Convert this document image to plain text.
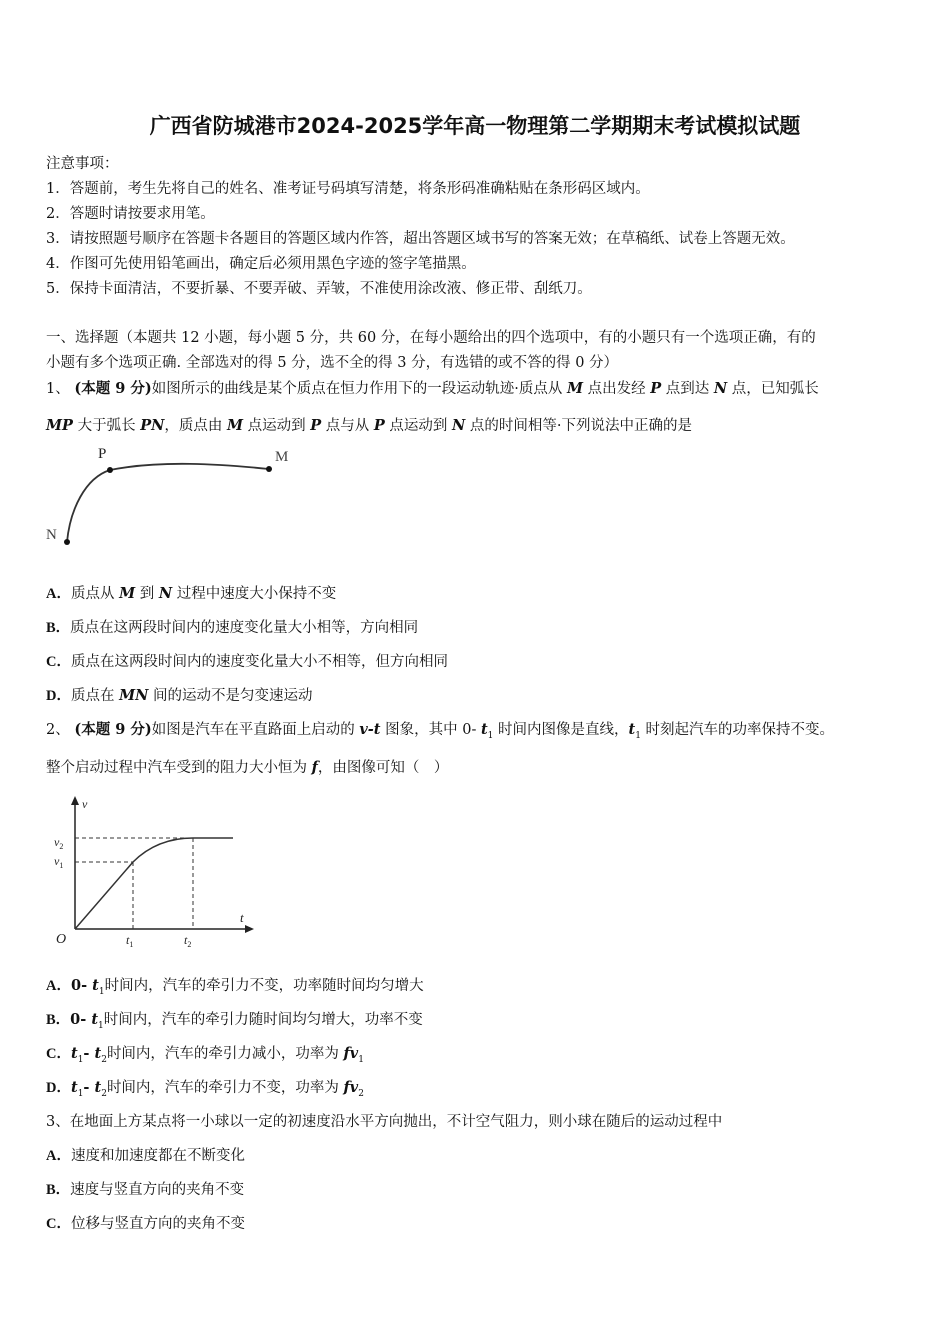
广西省防城港市2024-2025学年高一物理第二学期期末考试模拟试题
注意事项：
1．答题前，考生先将自己的姓名、准考证号码填写清楚，将条形码准确粘贴在条形码区域内。
2．答题时请按要求用笔。
3．请按照题号顺序在答题卡各题目的答题区域内作答，超出答题区域书写的答案无效；在草稿纸、试卷上答题无效。
4．作图可先使用铅笔画出，确定后必须用黑色字迹的签字笔描黑。
5．保持卡面清洁，不要折暴、不要弄破、弄皱，不准使用涂改液、修正带、刮纸刀。
一、选择题（本题共 12 小题，每小题 5 分，共 60 分，在每小题给出的四个选项中，有的小题只有一个选项正确，有的
小题有多个选项正确. 全部选对的得 5 分，选不全的得 3 分，有选错的或不答的得 0 分）
1、 (本题 9 分)如图所示的曲线是某个质点在恒力作用下的一段运动轨迹·质点从 M 点出发经 P 点到达 N 点，已知弧长
MP 大于弧长 PN，质点由 M 点运动到 P 点与从 P 点运动到 N 点的时间相等·下列说法中正确的是
P	M
N
A．质点从 M 到 N 过程中速度大小保持不变
B．质点在这两段时间内的速度变化量大小相等，方向相同
C．质点在这两段时间内的速度变化量大小不相等，但方向相同
D．质点在 MN 间的运动不是匀变速运动
2、 (本题 9 分)如图是汽车在平直路面上启动的 v-t 图象，其中 0- $t_1$ 时间内图像是直线，$t_1$ 时刻起汽车的功率保持不变。
整个启动过程中汽车受到的阻力大小恒为 f，由图像可知（　）
v
$v_2$
$v_1$
O
t
$t_1$	$t_2$
A．0- $t_1$时间内，汽车的牵引力不变，功率随时间均匀增大
B．0- $t_1$时间内，汽车的牵引力随时间均匀增大，功率不变
C．$t_1-$ $t_2$时间内，汽车的牵引力减小，功率为 $fv_1$
D．$t_1-$ $t_2$时间内，汽车的牵引力不变，功率为 $fv_2$
3、在地面上方某点将一小球以一定的初速度沿水平方向抛出，不计空气阻力，则小球在随后的运动过程中
A．速度和加速度都在不断变化
B．速度与竖直方向的夹角不变
C．位移与竖直方向的夹角不变
